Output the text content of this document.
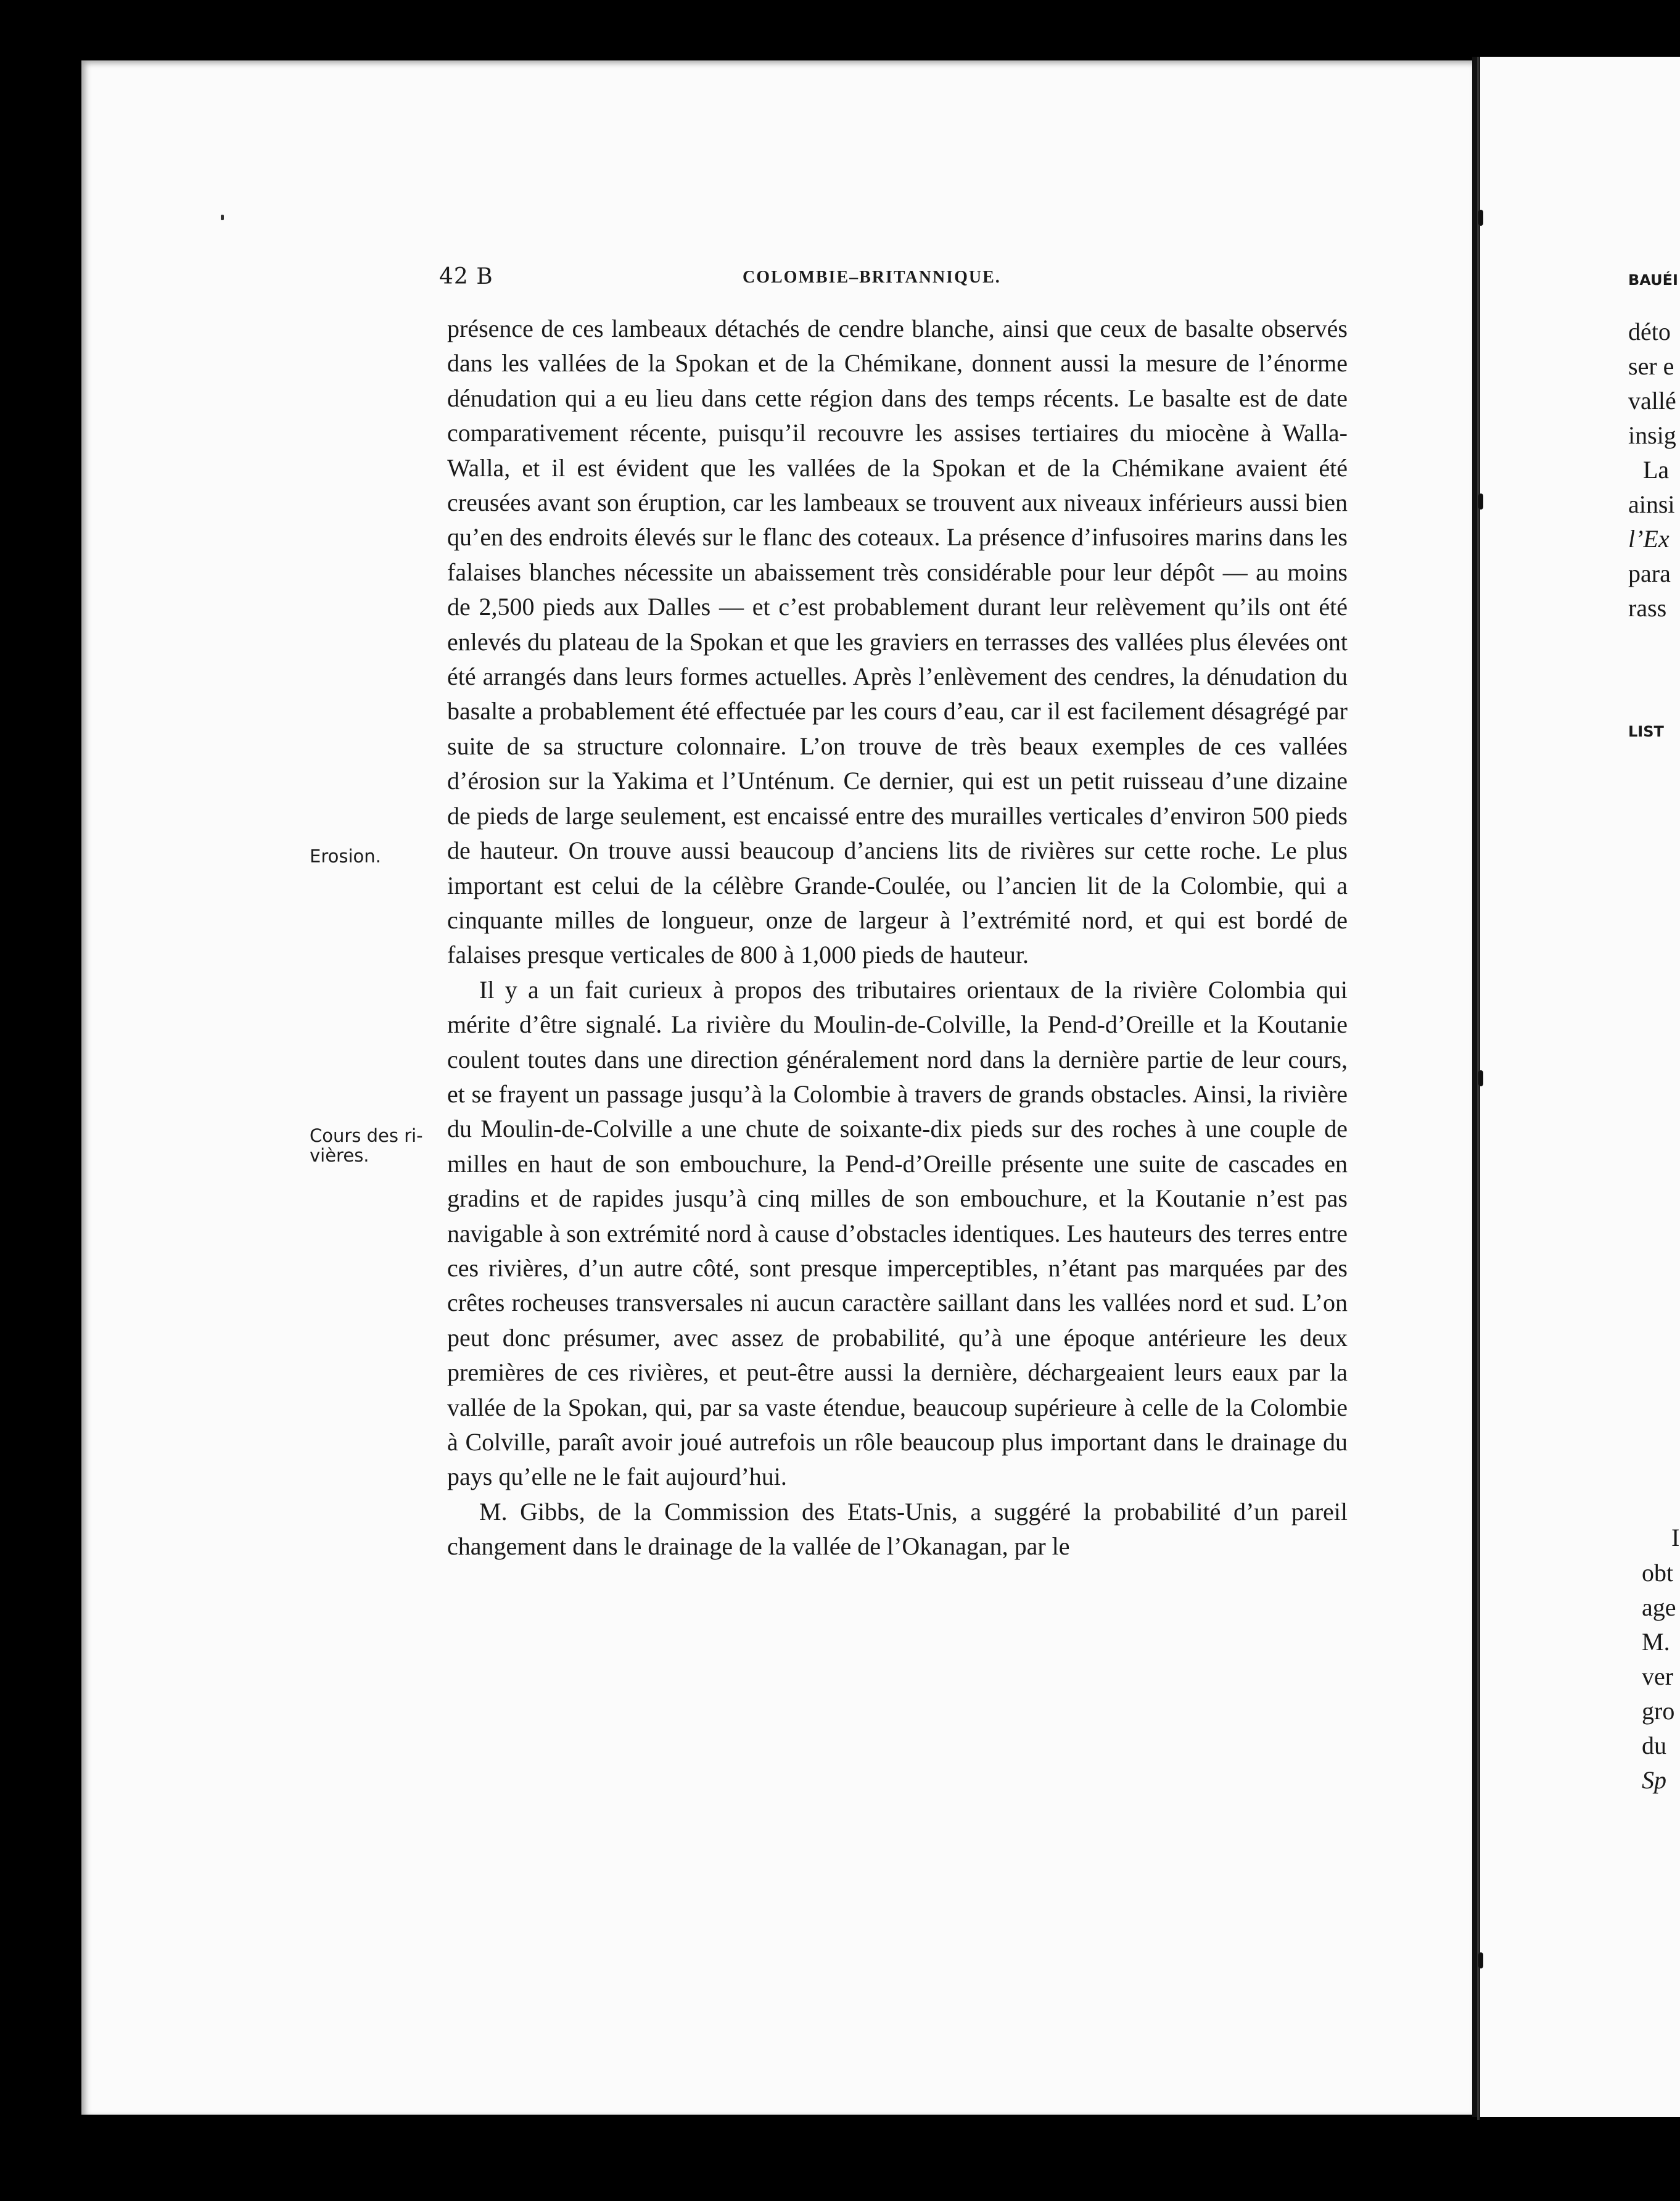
42 B	COLOMBIE–BRITANNIQUE.
Erosion.
Cours des ri-
vières.

présence de ces lambeaux détachés de cendre blanche, ainsi que ceux de basalte observés dans les vallées de la Spokan et de la Chémikane, donnent aussi la mesure de l’énorme dénudation qui a eu lieu dans cette région dans des temps récents. Le basalte est de date comparativement récente, puisqu’il recouvre les assises tertiaires du miocène à Walla-Walla, et il est évident que les vallées de la Spokan et de la Chémikane avaient été creusées avant son éruption, car les lambeaux se trouvent aux niveaux inférieurs aussi bien qu’en des endroits élevés sur le flanc des coteaux. La présence d’infusoires marins dans les falaises blanches nécessite un abaissement très considérable pour leur dépôt — au moins de 2,500 pieds aux Dalles — et c’est probablement durant leur relèvement qu’ils ont été enlevés du plateau de la Spokan et que les graviers en terrasses des vallées plus élevées ont été arrangés dans leurs formes actuelles. Après l’enlèvement des cendres, la dénudation du basalte a probablement été effectuée par les cours d’eau, car il est facilement désagrégé par suite de sa structure colonnaire. L’on trouve de très beaux exemples de ces vallées d’érosion sur la Yakima et l’Unténum. Ce dernier, qui est un petit ruisseau d’une dizaine de pieds de large seulement, est encaissé entre des murailles verticales d’environ 500 pieds de hauteur. On trouve aussi beaucoup d’anciens lits de rivières sur cette roche. Le plus important est celui de la célèbre Grande-Coulée, ou l’ancien lit de la Colombie, qui a cinquante milles de longueur, onze de largeur à l’extrémité nord, et qui est bordé de falaises presque verticales de 800 à 1,000 pieds de hauteur.

Il y a un fait curieux à propos des tributaires orientaux de la rivière Colombia qui mérite d’être signalé. La rivière du Moulin-de-Colville, la Pend-d’Oreille et la Koutanie coulent toutes dans une direction généralement nord dans la dernière partie de leur cours, et se frayent un passage jusqu’à la Colombie à travers de grands obstacles. Ainsi, la rivière du Moulin-de-Colville a une chute de soixante-dix pieds sur des roches à une couple de milles en haut de son embouchure, la Pend-d’Oreille présente une suite de cascades en gradins et de rapides jusqu’à cinq milles de son embouchure, et la Koutanie n’est pas navigable à son extrémité nord à cause d’obstacles identiques. Les hauteurs des terres entre ces rivières, d’un autre côté, sont presque imperceptibles, n’étant pas marquées par des crêtes rocheuses transversales ni aucun caractère saillant dans les vallées nord et sud. L’on peut donc présumer, avec assez de probabilité, qu’à une époque antérieure les deux premières de ces rivières, et peut-être aussi la dernière, déchargeaient leurs eaux par la vallée de la Spokan, qui, par sa vaste étendue, beaucoup supérieure à celle de la Colombie à Colville, paraît avoir joué autrefois un rôle beaucoup plus important dans le drainage du pays qu’elle ne le fait aujourd’hui.

M. Gibbs, de la Commission des Etats-Unis, a suggéré la probabilité d’un pareil changement dans le drainage de la vallée de l’Okanagan, par le

BAUÉI
déto
ser e
vallé
insig
La
ainsi
l’Ex
para
rass
LIST
I
obt
age
M.
ver
gro
du
Sp
